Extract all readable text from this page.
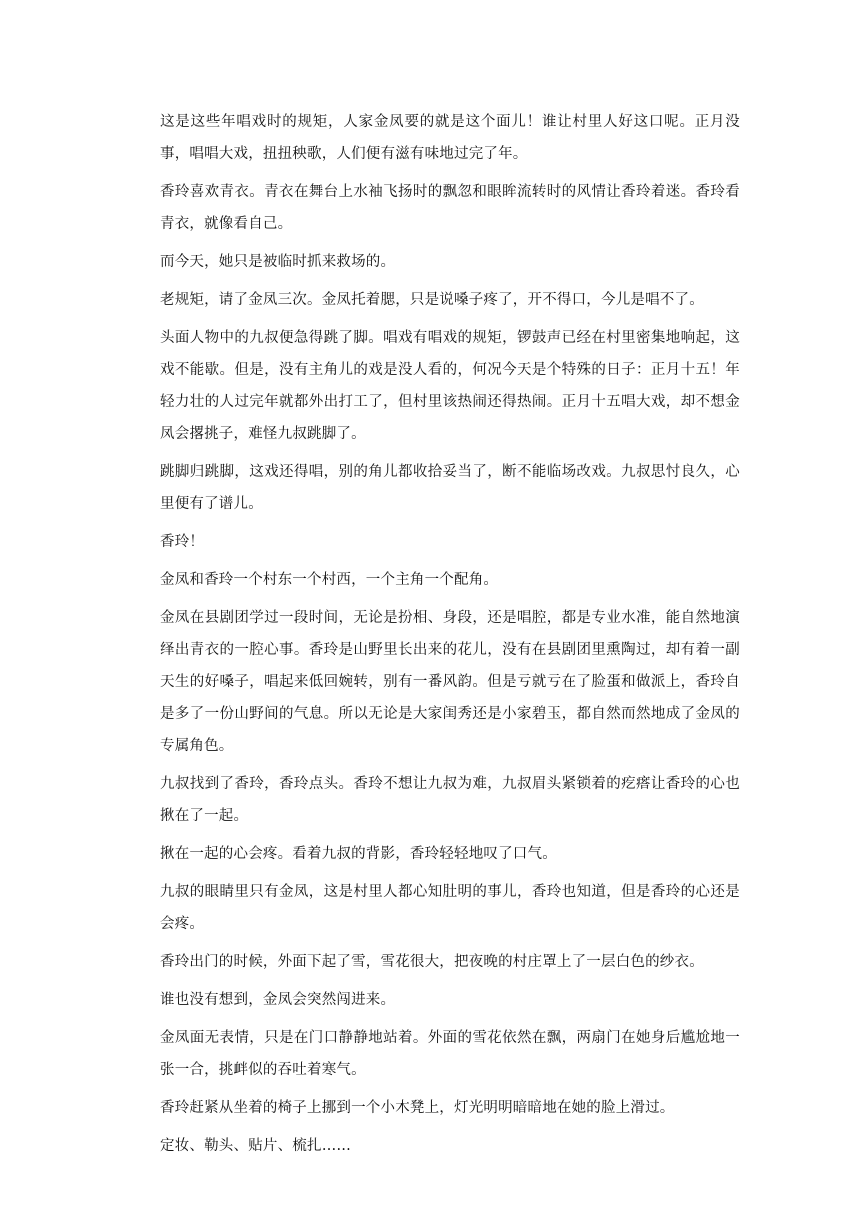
这是这些年唱戏时的规矩，人家金凤要的就是这个面儿！谁让村里人好这口呢。正月没事，唱唱大戏，扭扭秧歌，人们便有滋有味地过完了年。

香玲喜欢青衣。青衣在舞台上水袖飞扬时的飘忽和眼眸流转时的风情让香玲着迷。香玲看青衣，就像看自己。

而今天，她只是被临时抓来救场的。

老规矩，请了金凤三次。金凤托着腮，只是说嗓子疼了，开不得口，今儿是唱不了。

头面人物中的九叔便急得跳了脚。唱戏有唱戏的规矩，锣鼓声已经在村里密集地响起，这戏不能歇。但是，没有主角儿的戏是没人看的，何况今天是个特殊的日子：正月十五！年轻力壮的人过完年就都外出打工了，但村里该热闹还得热闹。正月十五唱大戏，却不想金凤会撂挑子，难怪九叔跳脚了。

跳脚归跳脚，这戏还得唱，别的角儿都收拾妥当了，断不能临场改戏。九叔思忖良久，心里便有了谱儿。

香玲！

金凤和香玲一个村东一个村西，一个主角一个配角。

金凤在县剧团学过一段时间，无论是扮相、身段，还是唱腔，都是专业水准，能自然地演绎出青衣的一腔心事。香玲是山野里长出来的花儿，没有在县剧团里熏陶过，却有着一副天生的好嗓子，唱起来低回婉转，别有一番风韵。但是亏就亏在了脸蛋和做派上，香玲自是多了一份山野间的气息。所以无论是大家闺秀还是小家碧玉，都自然而然地成了金凤的专属角色。

九叔找到了香玲，香玲点头。香玲不想让九叔为难，九叔眉头紧锁着的疙瘩让香玲的心也揪在了一起。

揪在一起的心会疼。看着九叔的背影，香玲轻轻地叹了口气。

九叔的眼睛里只有金凤，这是村里人都心知肚明的事儿，香玲也知道，但是香玲的心还是会疼。

香玲出门的时候，外面下起了雪，雪花很大，把夜晚的村庄罩上了一层白色的纱衣。

谁也没有想到，金凤会突然闯进来。

金凤面无表情，只是在门口静静地站着。外面的雪花依然在飘，两扇门在她身后尴尬地一张一合，挑衅似的吞吐着寒气。

香玲赶紧从坐着的椅子上挪到一个小木凳上，灯光明明暗暗地在她的脸上滑过。

定妆、勒头、贴片、梳扎……
